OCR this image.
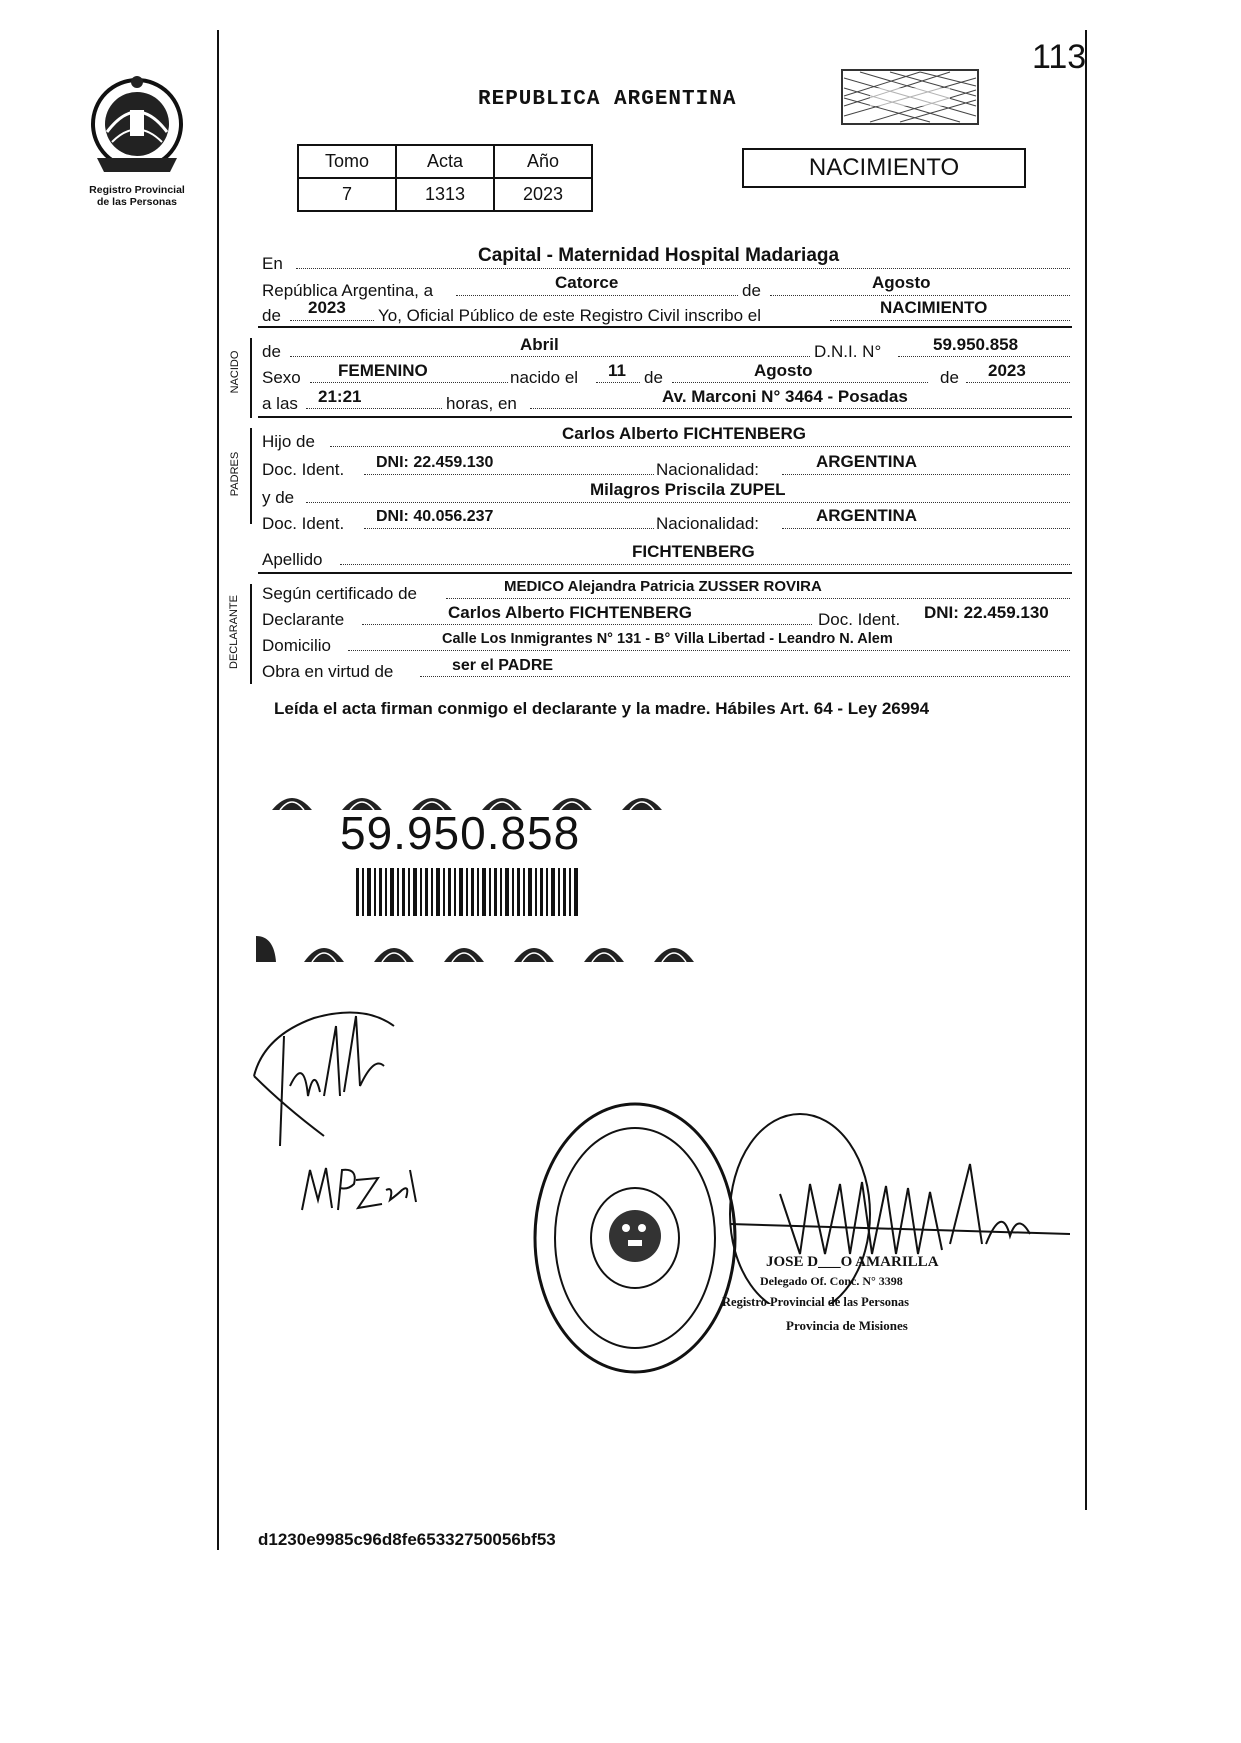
113
Registro Provincial
de las Personas
REPUBLICA ARGENTINA
Tomo	Acta	Año
7	1313	2023
NACIMIENTO
En	Capital - Maternidad Hospital Madariaga
República Argentina, a	Catorce	de	Agosto
de 2023 Yo, Oficial Público de este Registro Civil inscribo el	NACIMIENTO
NACIDO de	Abril	D.N.I. N°	59.950.858
Sexo FEMENINO	nacido el 11 de	Agosto	de 2023
a las 21:21	horas, en	Av. Marconi N° 3464 - Posadas
PADRES
Hijo de	Carlos Alberto FICHTENBERG
Doc. Ident. DNI: 22.459.130	Nacionalidad:	ARGENTINA
y de	Milagros Priscila ZUPEL
Doc. Ident. DNI: 40.056.237	Nacionalidad:	ARGENTINA
Apellido	FICHTENBERG
DECLARANTE
Según certificado de	MEDICO Alejandra Patricia ZUSSER ROVIRA
Declarante	Carlos Alberto FICHTENBERG	Doc. Ident. DNI: 22.459.130
Domicilio	Calle Los Inmigrantes N° 131 - B° Villa Libertad - Leandro N. Alem
Obra en virtud de	ser el PADRE
Leída el acta firman conmigo el declarante y la madre. Hábiles Art. 64 - Ley 26994
59.950.858
JOSE D___O AMARILLA
Delegado Of. Conc. N° 3398
Registro Provincial de las Personas
Provincia de Misiones
d1230e9985c96d8fe65332750056bf53
